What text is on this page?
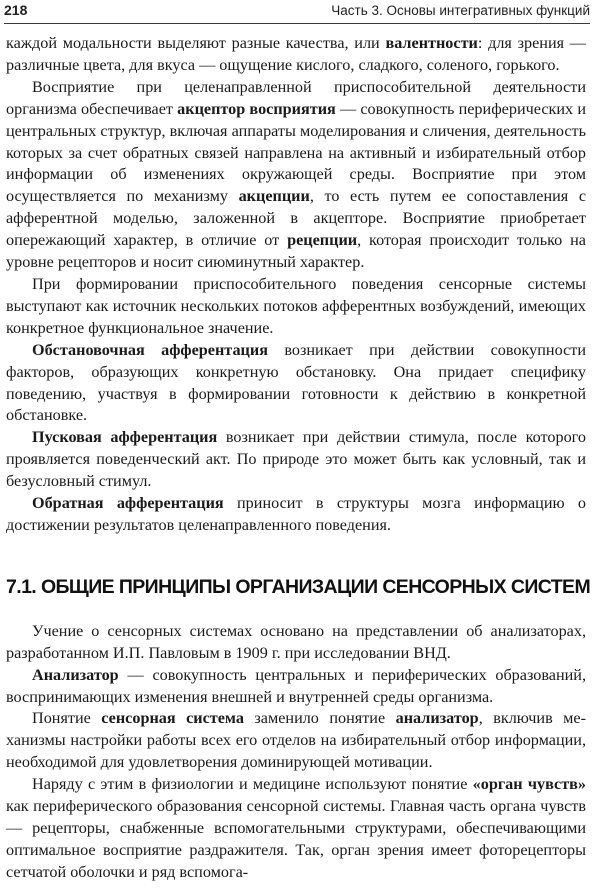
218	Часть 3. Основы интегративных функций

каждой модальности выделяют разные качества, или валентности: для зрения — различные цвета, для вкуса — ощущение кислого, сладкого, соленого, горького.

Восприятие при целенаправленной приспособительной деятельности организма обеспечивает акцептор восприятия — совокупность периферических и центральных структур, включая аппараты моделирования и сличения, деятельность которых за счет обратных связей направлена на активный и избирательный отбор информации об изменениях окружающей среды. Восприятие при этом осуществляется по механизму акцепции, то есть путем ее сопоставления с афферентной моделью, заложенной в акцепторе. Восприятие приобретает опережающий характер, в отличие от рецепции, которая происходит только на уровне рецепторов и носит сиюминутный характер.

При формировании приспособительного поведения сенсорные системы выступают как источник нескольких потоков афферентных возбуждений, имеющих конкретное функциональное значение.

Обстановочная афферентация возникает при действии совокупности факторов, образующих конкретную обстановку. Она придает специфику поведению, участвуя в формировании готовности к действию в конкретной обстановке.

Пусковая афферентация возникает при действии стимула, после которого проявляется поведенческий акт. По природе это может быть как условный, так и безусловный стимул.

Обратная афферентация приносит в структуры мозга информацию о достижении результатов целенаправленного поведения.

7.1. ОБЩИЕ ПРИНЦИПЫ ОРГАНИЗАЦИИ СЕНСОРНЫХ СИСТЕМ

Учение о сенсорных системах основано на представлении об анализаторах, разработанном И.П. Павловым в 1909 г. при исследовании ВНД.

Анализатор — совокупность центральных и периферических образований, воспринимающих изменения внешней и внутренней среды организма.

Понятие сенсорная система заменило понятие анализатор, включив механизмы настройки работы всех его отделов на избирательный отбор информации, необходимой для удовлетворения доминирующей мотивации.

Наряду с этим в физиологии и медицине используют понятие «орган чувств» как периферического образования сенсорной системы. Главная часть органа чувств — рецепторы, снабженные вспомогательными структурами, обеспечивающими оптимальное восприятие раздражителя. Так, орган зрения имеет фоторецепторы сетчатой оболочки и ряд вспомога-
